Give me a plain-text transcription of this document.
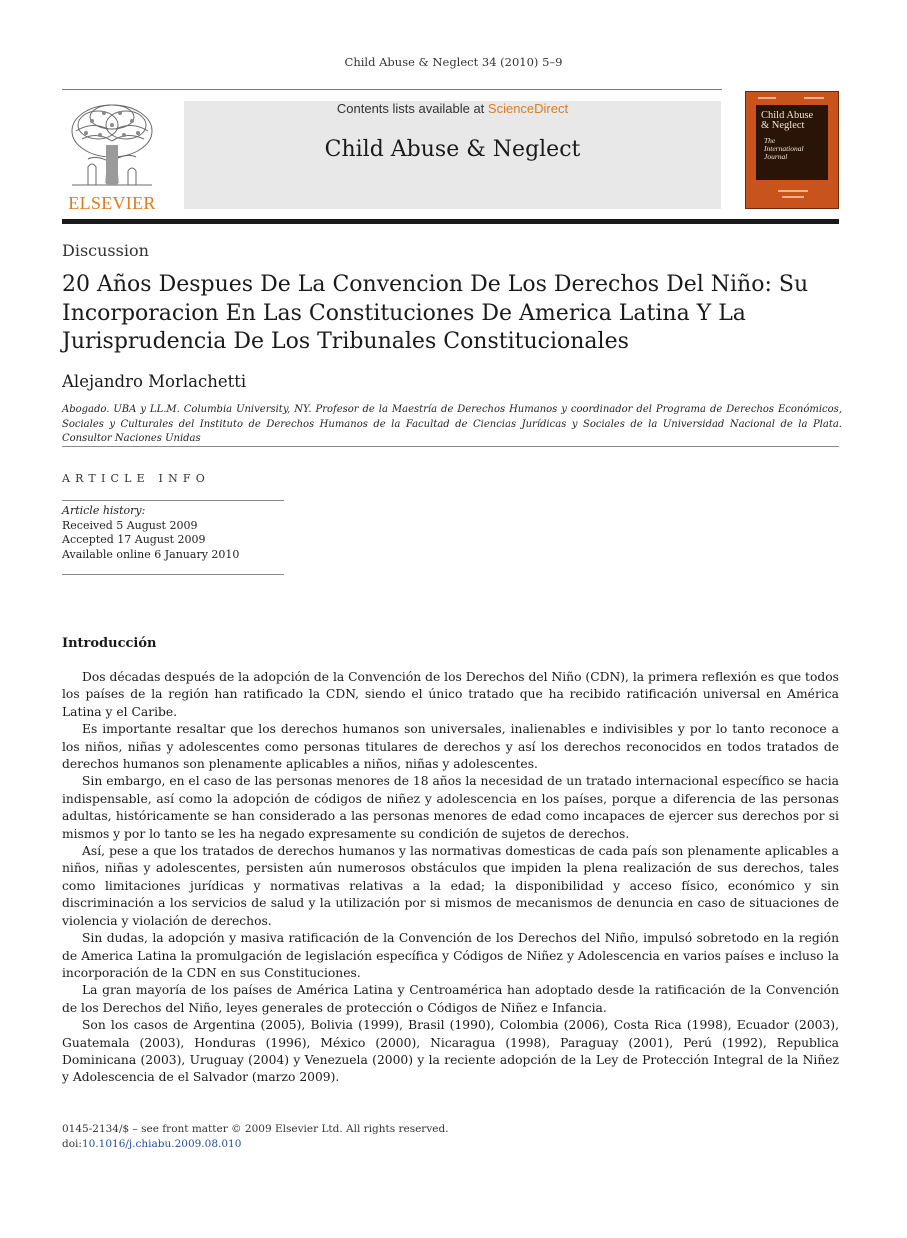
Child Abuse & Neglect 34 (2010) 5–9
ELSEVIER
Contents lists available at ScienceDirect
Child Abuse & Neglect
Child Abuse
& Neglect
The
International
Journal
Discussion
20 Años Despues De La Convencion De Los Derechos Del Niño: Su
Incorporacion En Las Constituciones De America Latina Y La
Jurisprudencia De Los Tribunales Constitucionales
Alejandro Morlachetti
Abogado. UBA y LL.M. Columbia University, NY. Profesor de la Maestría de Derechos Humanos y coordinador del Programa de Derechos Económicos, Sociales y Culturales del Instituto de Derechos Humanos de la Facultad de Ciencias Jurídicas y Sociales de la Universidad Nacional de la Plata. Consultor Naciones Unidas
ARTICLE INFO
Article history:
Received 5 August 2009
Accepted 17 August 2009
Available online 6 January 2010
Introducción

Dos décadas después de la adopción de la Convención de los Derechos del Niño (CDN), la primera reflexión es que todos los países de la región han ratificado la CDN, siendo el único tratado que ha recibido ratificación universal en América Latina y el Caribe.

Es importante resaltar que los derechos humanos son universales, inalienables e indivisibles y por lo tanto reconoce a los niños, niñas y adolescentes como personas titulares de derechos y así los derechos reconocidos en todos tratados de derechos humanos son plenamente aplicables a niños, niñas y adolescentes.

Sin embargo, en el caso de las personas menores de 18 años la necesidad de un tratado internacional específico se hacia indispensable, así como la adopción de códigos de niñez y adolescencia en los países, porque a diferencia de las personas adultas, históricamente se han considerado a las personas menores de edad como incapaces de ejercer sus derechos por si mismos y por lo tanto se les ha negado expresamente su condición de sujetos de derechos.

Así, pese a que los tratados de derechos humanos y las normativas domesticas de cada país son plenamente aplicables a niños, niñas y adolescentes, persisten aún numerosos obstáculos que impiden la plena realización de sus derechos, tales como limitaciones jurídicas y normativas relativas a la edad; la disponibilidad y acceso físico, económico y sin discriminación a los servicios de salud y la utilización por si mismos de mecanismos de denuncia en caso de situaciones de violencia y violación de derechos.

Sin dudas, la adopción y masiva ratificación de la Convención de los Derechos del Niño, impulsó sobretodo en la región de America Latina la promulgación de legislación específica y Códigos de Niñez y Adolescencia en varios países e incluso la incorporación de la CDN en sus Constituciones.

La gran mayoría de los países de América Latina y Centroamérica han adoptado desde la ratificación de la Convención de los Derechos del Niño, leyes generales de protección o Códigos de Niñez e Infancia.

Son los casos de Argentina (2005), Bolivia (1999), Brasil (1990), Colombia (2006), Costa Rica (1998), Ecuador (2003), Guatemala (2003), Honduras (1996), México (2000), Nicaragua (1998), Paraguay (2001), Perú (1992), Republica Dominicana (2003), Uruguay (2004) y Venezuela (2000) y la reciente adopción de la Ley de Protección Integral de la Niñez y Adolescencia de el Salvador (marzo 2009).

0145-2134/$ – see front matter © 2009 Elsevier Ltd. All rights reserved.
doi:10.1016/j.chiabu.2009.08.010
